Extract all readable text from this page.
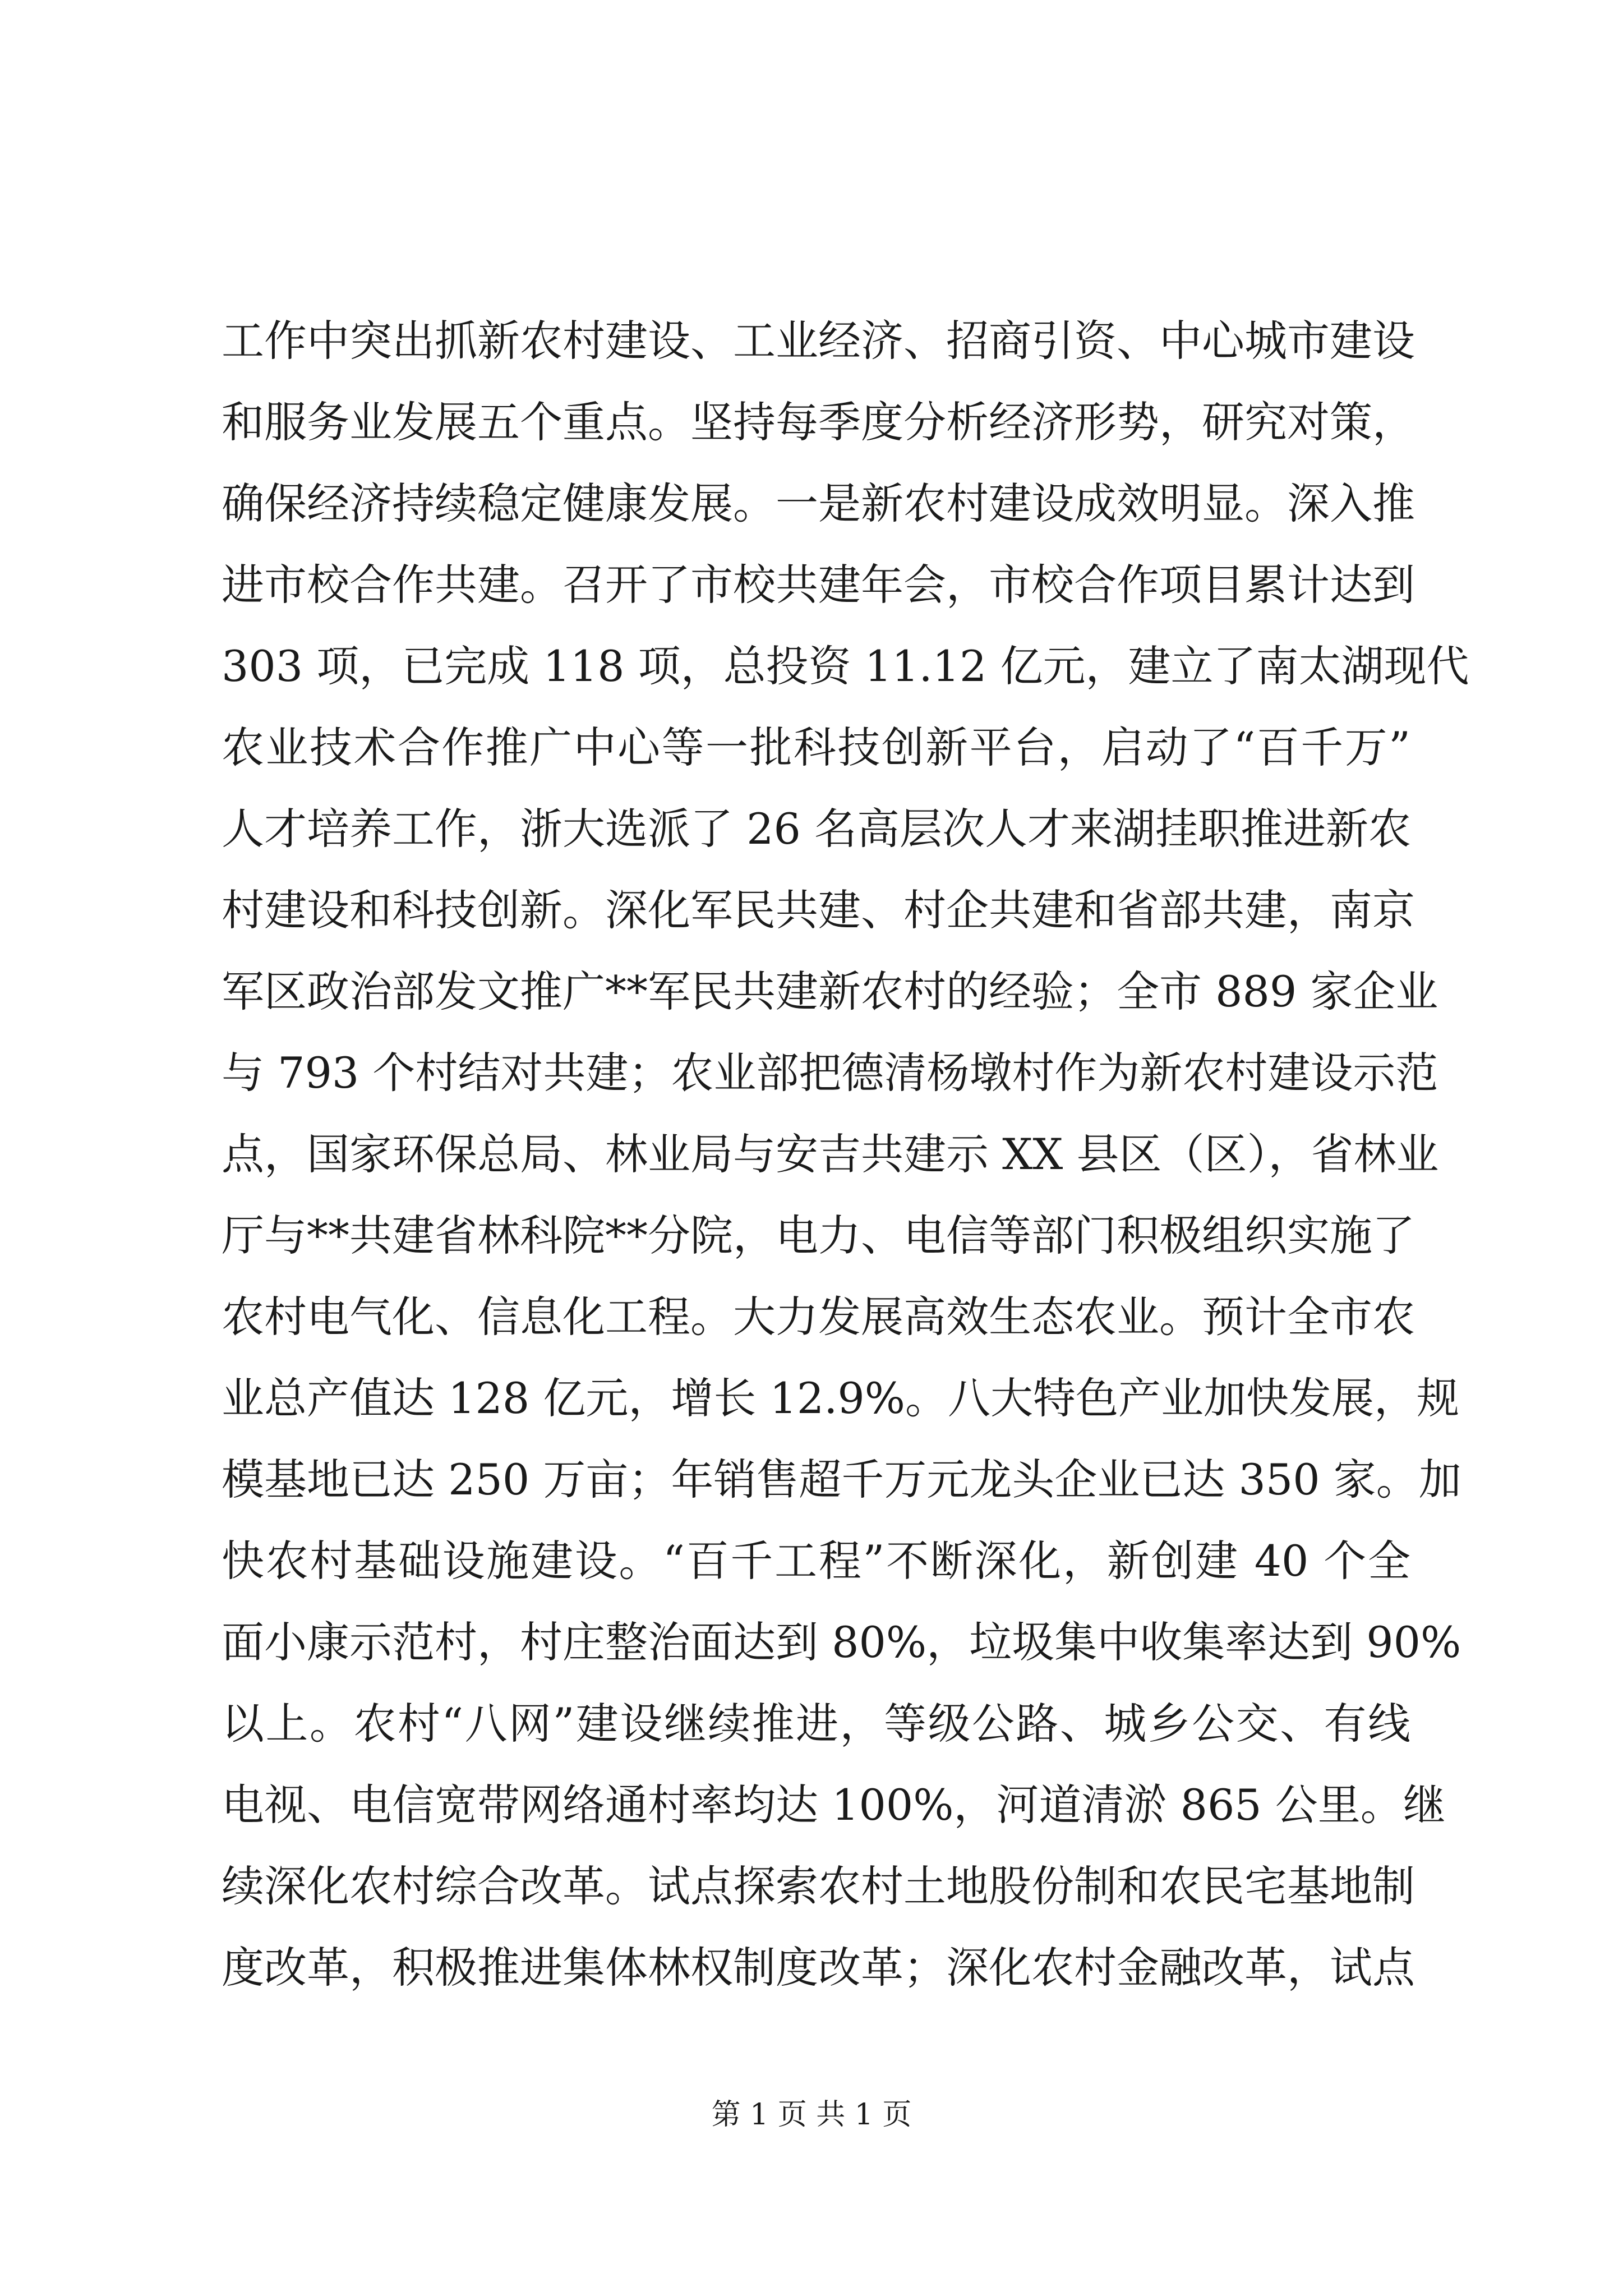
工作中突出抓新农村建设、工业经济、招商引资、中心城市建设
和服务业发展五个重点。坚持每季度分析经济形势，研究对策，
确保经济持续稳定健康发展。一是新农村建设成效明显。深入推
进市校合作共建。召开了市校共建年会，市校合作项目累计达到
303 项，已完成 118 项，总投资 11.12 亿元，建立了南太湖现代
农业技术合作推广中心等一批科技创新平台，启动了“百千万”
人才培养工作，浙大选派了 26 名高层次人才来湖挂职推进新农
村建设和科技创新。深化军民共建、村企共建和省部共建，南京
军区政治部发文推广**军民共建新农村的经验；全市 889 家企业
与 793 个村结对共建；农业部把德清杨墩村作为新农村建设示范
点，国家环保总局、林业局与安吉共建示 XX 县区（区），省林业
厅与**共建省林科院**分院，电力、电信等部门积极组织实施了
农村电气化、信息化工程。大力发展高效生态农业。预计全市农
业总产值达 128 亿元，增长 12.9%。八大特色产业加快发展，规
模基地已达 250 万亩；年销售超千万元龙头企业已达 350 家。加
快农村基础设施建设。“百千工程”不断深化，新创建 40 个全
面小康示范村，村庄整治面达到 80%，垃圾集中收集率达到 90%
以上。农村“八网”建设继续推进，等级公路、城乡公交、有线
电视、电信宽带网络通村率均达 100%，河道清淤 865 公里。继
续深化农村综合改革。试点探索农村土地股份制和农民宅基地制
度改革，积极推进集体林权制度改革；深化农村金融改革，试点
第 1 页 共 1 页
